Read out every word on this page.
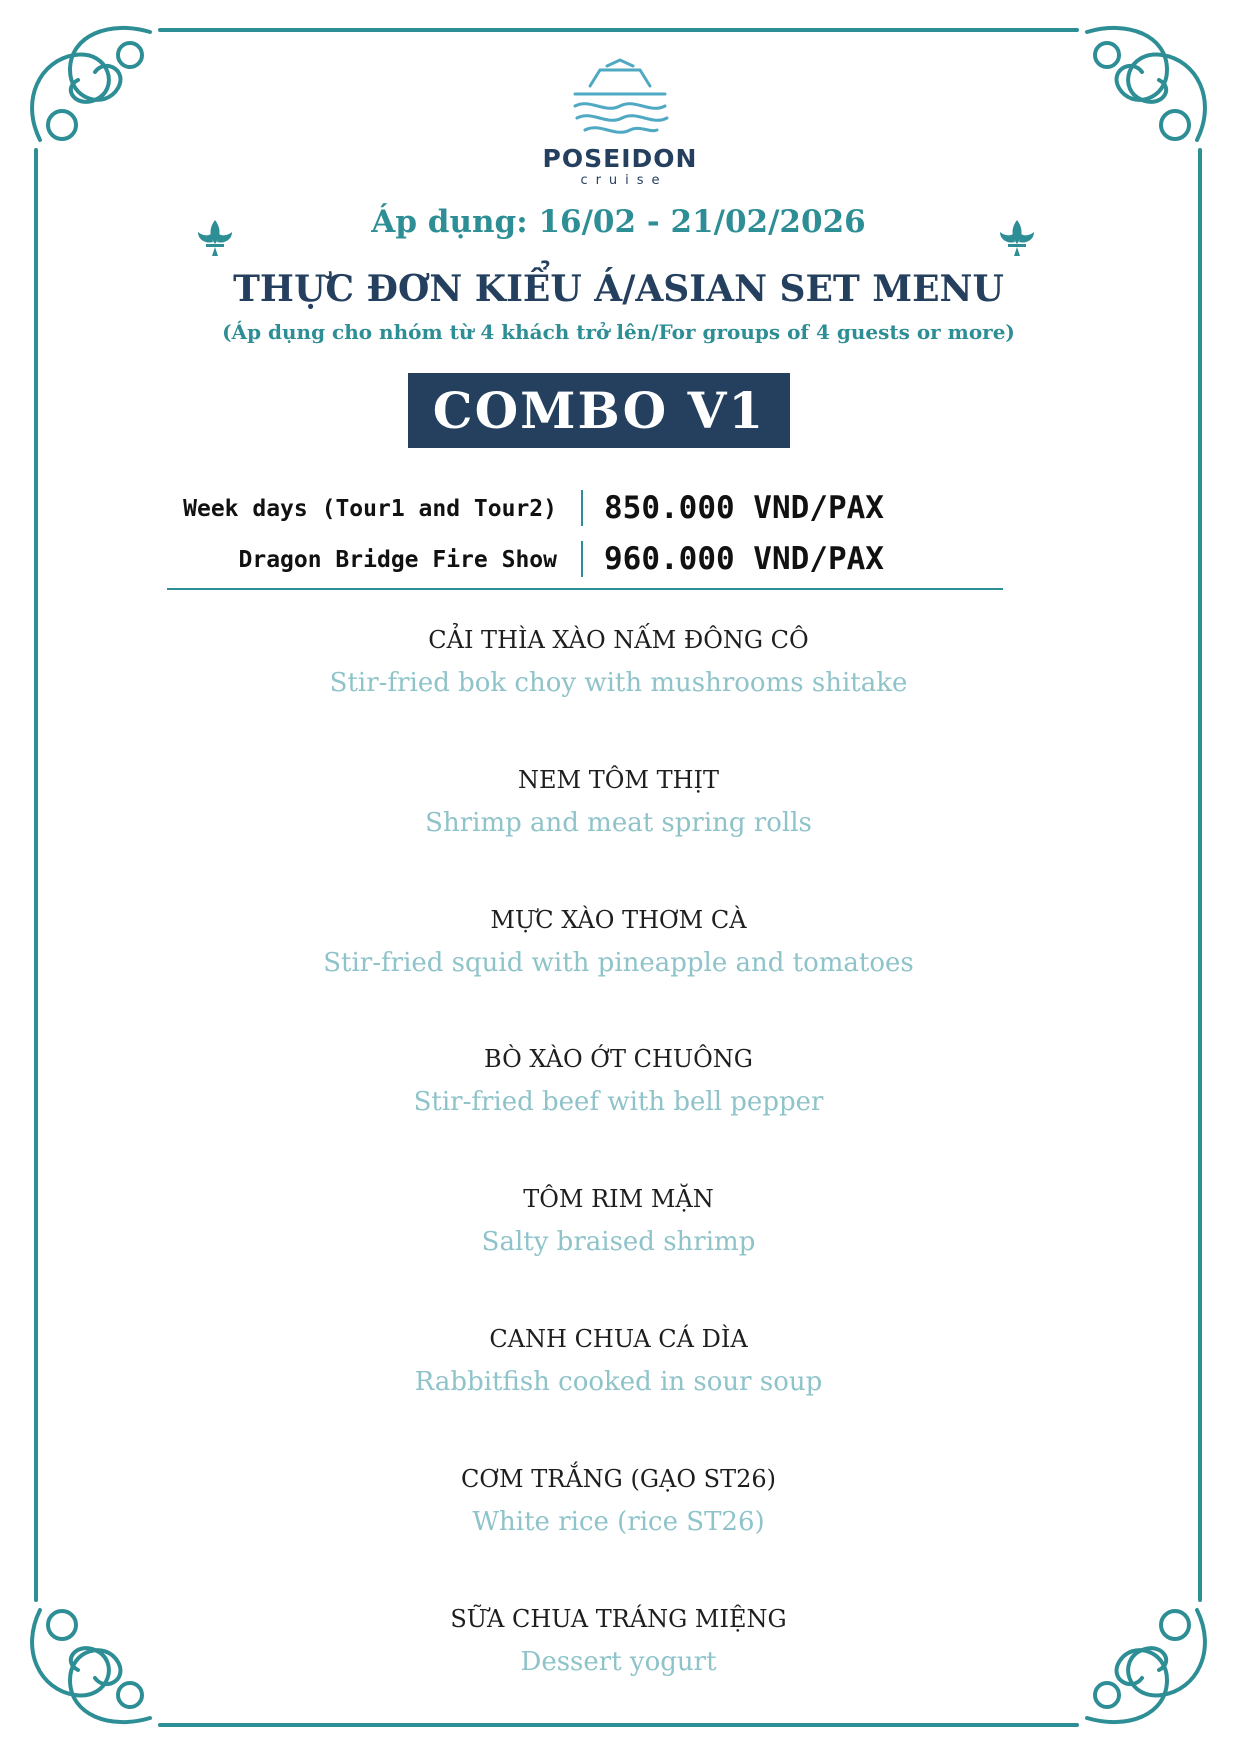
POSEIDON
cruise
Áp dụng: 16/02 - 21/02/2026
THỰC ĐƠN KIỂU Á/ASIAN SET MENU
(Áp dụng cho nhóm từ 4 khách trở lên/For groups of 4 guests or more)
COMBO V1
Week days (Tour1 and Tour2) 850.000 VND/PAX
Dragon Bridge Fire Show 960.000 VND/PAX
CẢI THÌA XÀO NẤM ĐÔNG CÔ
Stir-fried bok choy with mushrooms shitake
NEM TÔM THỊT
Shrimp and meat spring rolls
MỰC XÀO THƠM CÀ
Stir-fried squid with pineapple and tomatoes
BÒ XÀO ỚT CHUÔNG
Stir-fried beef with bell pepper
TÔM RIM MẶN
Salty braised shrimp
CANH CHUA CÁ DÌA
Rabbitfish cooked in sour soup
CƠM TRẮNG (GẠO ST26)
White rice (rice ST26)
SỮA CHUA TRÁNG MIỆNG
Dessert yogurt
